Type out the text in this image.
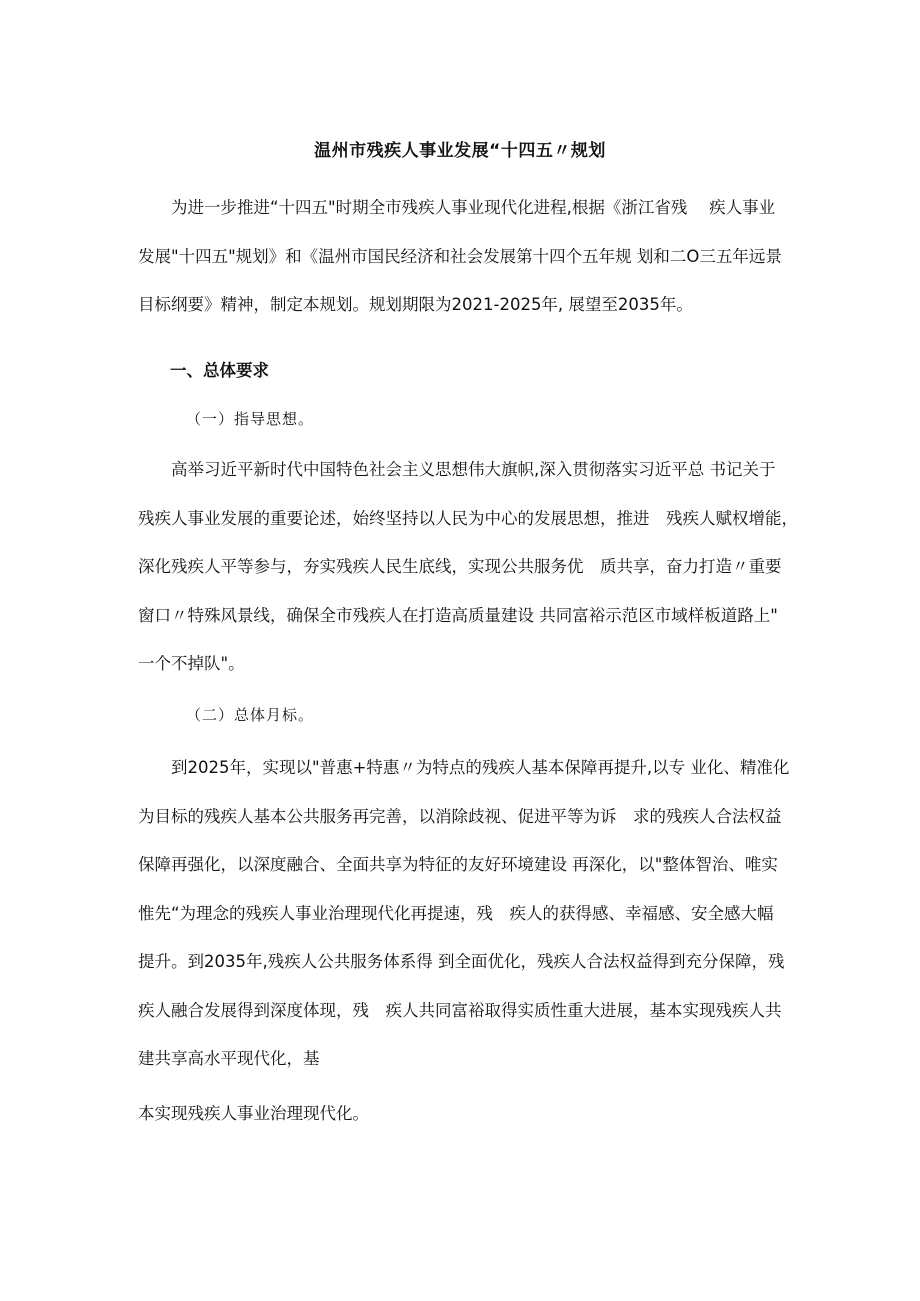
温州市残疾人事业发展“十四五〃规划

为进一步推进“十四五"时期全市残疾人事业现代化进程,根据《浙江省残　 疾人事业
发展"十四五"规划》和《温州市国民经济和社会发展第十四个五年规 划和二O三五年远景
目标纲要》精神，制定本规划。规划期限为2021-2025年, 展望至2035年。

一、总体要求
（一）指导思想。

高举习近平新时代中国特色社会主义思想伟大旗帜,深入贯彻落实习近平总 书记关于
残疾人事业发展的重要论述，始终坚持以人民为中心的发展思想，推进　残疾人赋权增能，
深化残疾人平等参与，夯实残疾人民生底线，实现公共服务优　质共享，奋力打造〃重要
窗口〃特殊风景线，确保全市残疾人在打造高质量建设 共同富裕示范区市域样板道路上"
一个不掉队"。

（二）总体月标。

到2025年，实现以"普惠+特惠〃为特点的残疾人基本保障再提升,以专 业化、精准化
为目标的残疾人基本公共服务再完善，以消除歧视、促进平等为诉　求的残疾人合法权益
保障再强化，以深度融合、全面共享为特征的友好环境建设 再深化，以"整体智治、唯实
惟先“为理念的残疾人事业治理现代化再提速，残　疾人的获得感、幸福感、安全感大幅
提升。到2035年,残疾人公共服务体系得 到全面优化，残疾人合法权益得到充分保障，残
疾人融合发展得到深度体现，残　疾人共同富裕取得实质性重大进展，基本实现残疾人共
建共享高水平现代化，基

本实现残疾人事业治理现代化。
